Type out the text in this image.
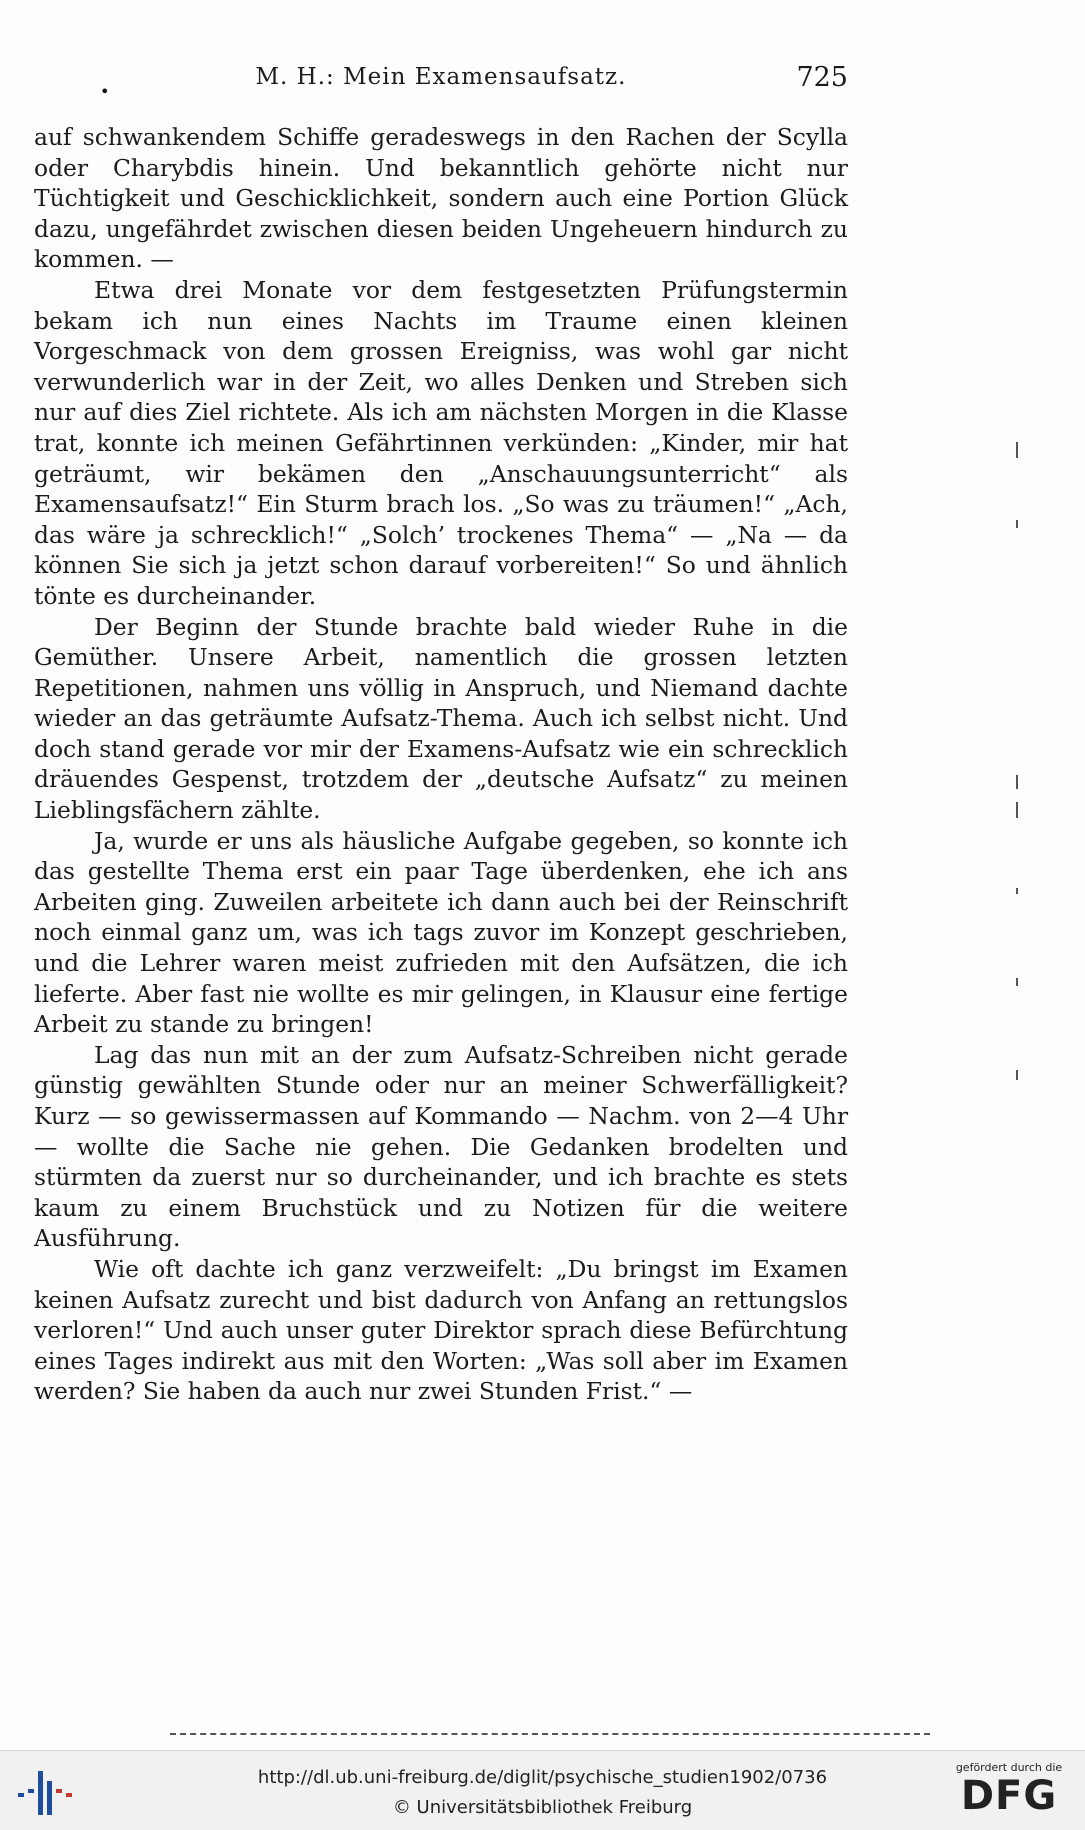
•
M. H.: Mein Examensaufsatz.	725

auf schwankendem Schiffe geradeswegs in den Rachen der Scylla oder Charybdis hinein. Und bekanntlich gehörte nicht nur Tüchtigkeit und Geschicklichkeit, sondern auch eine Portion Glück dazu, ungefährdet zwischen diesen beiden Ungeheuern hindurch zu kommen. —

Etwa drei Monate vor dem festgesetzten Prüfungstermin bekam ich nun eines Nachts im Traume einen kleinen Vorgeschmack von dem grossen Ereigniss, was wohl gar nicht verwunderlich war in der Zeit, wo alles Denken und Streben sich nur auf dies Ziel richtete. Als ich am nächsten Morgen in die Klasse trat, konnte ich meinen Gefährtinnen verkünden: „Kinder, mir hat geträumt, wir bekämen den „Anschauungsunterricht“ als Examensaufsatz!“ Ein Sturm brach los. „So was zu träumen!“ „Ach, das wäre ja schrecklich!“ „Solch’ trockenes Thema“ — „Na — da können Sie sich ja jetzt schon darauf vorbereiten!“ So und ähnlich tönte es durcheinander.

Der Beginn der Stunde brachte bald wieder Ruhe in die Gemüther. Unsere Arbeit, namentlich die grossen letzten Repetitionen, nahmen uns völlig in Anspruch, und Niemand dachte wieder an das geträumte Aufsatz-Thema. Auch ich selbst nicht. Und doch stand gerade vor mir der Examens-Aufsatz wie ein schrecklich dräuendes Gespenst, trotzdem der „deutsche Aufsatz“ zu meinen Lieblingsfächern zählte.

Ja, wurde er uns als häusliche Aufgabe gegeben, so konnte ich das gestellte Thema erst ein paar Tage überdenken, ehe ich ans Arbeiten ging. Zuweilen arbeitete ich dann auch bei der Reinschrift noch einmal ganz um, was ich tags zuvor im Konzept geschrieben, und die Lehrer waren meist zufrieden mit den Aufsätzen, die ich lieferte. Aber fast nie wollte es mir gelingen, in Klausur eine fertige Arbeit zu stande zu bringen!

Lag das nun mit an der zum Aufsatz-Schreiben nicht gerade günstig gewählten Stunde oder nur an meiner Schwerfälligkeit? Kurz — so gewissermassen auf Kommando — Nachm. von 2—4 Uhr — wollte die Sache nie gehen. Die Gedanken brodelten und stürmten da zuerst nur so durcheinander, und ich brachte es stets kaum zu einem Bruchstück und zu Notizen für die weitere Ausführung.

Wie oft dachte ich ganz verzweifelt: „Du bringst im Examen keinen Aufsatz zurecht und bist dadurch von Anfang an rettungslos verloren!“ Und auch unser guter Direktor sprach diese Befürchtung eines Tages indirekt aus mit den Worten: „Was soll aber im Examen werden? Sie haben da auch nur zwei Stunden Frist.“ —

http://dl.ub.uni-freiburg.de/diglit/psychische_studien1902/0736
© Universitätsbibliothek Freiburg
gefördert durch die
DFG
